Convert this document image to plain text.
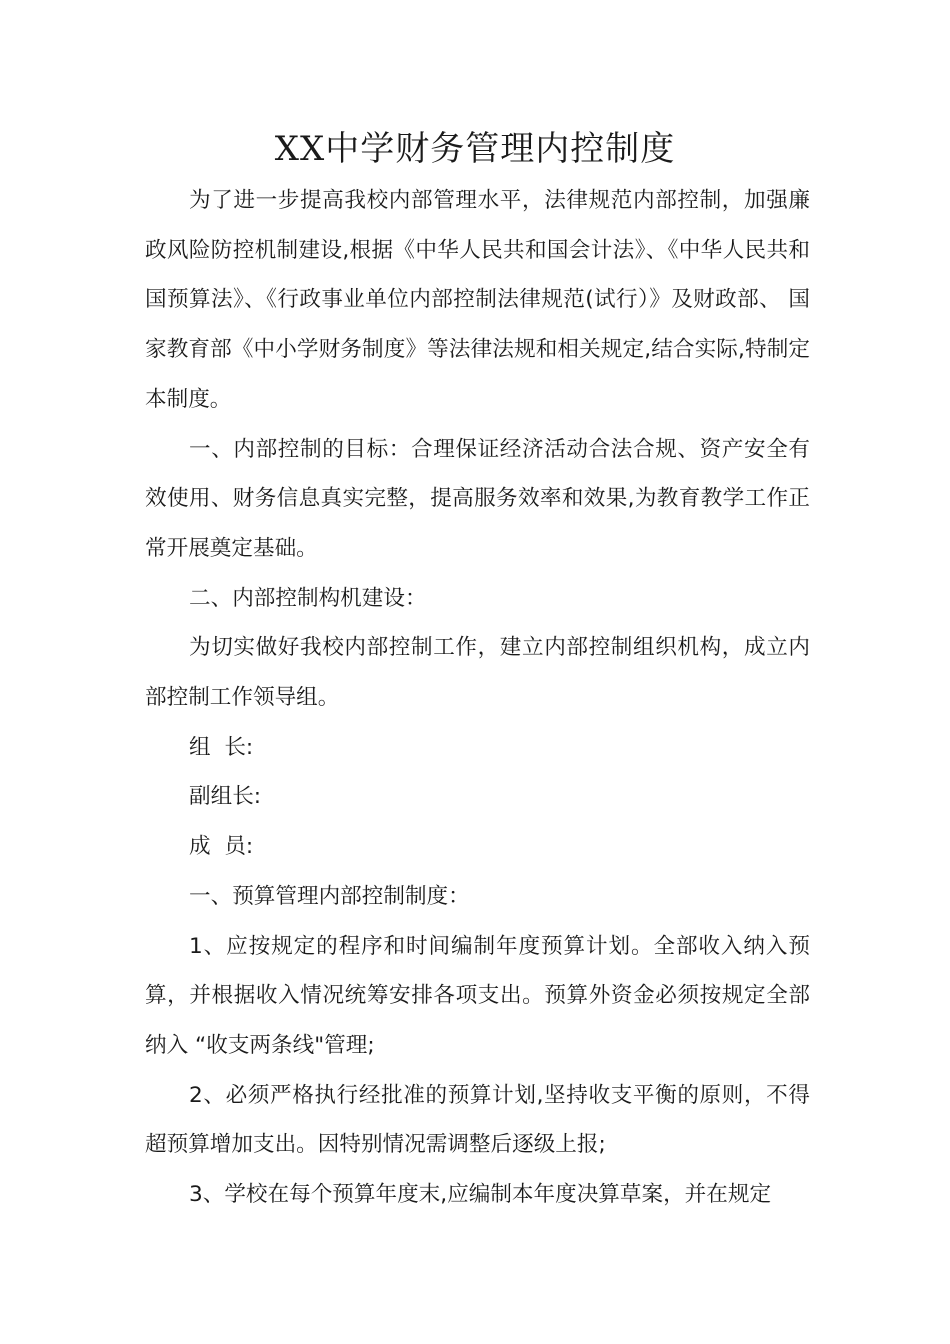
XX中学财务管理内控制度

为了进一步提高我校内部管理水平，法律规范内部控制，加强廉政风险防控机制建设,根据《中华人民共和国会计法》、《中华人民共和国预算法》、《行政事业单位内部控制法律规范(试行）》及财政部、 国家教育部《中小学财务制度》等法律法规和相关规定,结合实际,特制定本制度。

一、内部控制的目标：合理保证经济活动合法合规、资产安全有效使用、财务信息真实完整，提高服务效率和效果,为教育教学工作正常开展奠定基础。

二、内部控制构机建设：

为切实做好我校内部控制工作，建立内部控制组织机构，成立内部控制工作领导组。

组  长:

副组长:

成  员:

一、预算管理内部控制制度：

1、应按规定的程序和时间编制年度预算计划。全部收入纳入预算，并根据收入情况统筹安排各项支出。预算外资金必须按规定全部纳入 “收支两条线"管理;

2、必须严格执行经批准的预算计划,坚持收支平衡的原则，不得超预算增加支出。因特别情况需调整后逐级上报;

3、学校在每个预算年度末,应编制本年度决算草案，并在规定
